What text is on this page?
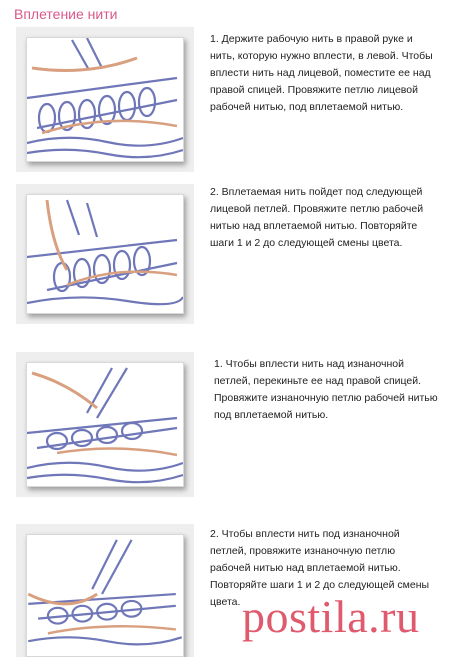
Вплетение нити
1. Держите рабочую нить в правой руке и нить, которую нужно вплести, в левой. Чтобы вплести нить над лицевой, поместите ее над правой спицей. Провяжите петлю лицевой рабочей нитью, под вплетаемой нитью.
2. Вплетаемая нить пойдет под следующей лицевой петлей. Провяжите петлю рабочей нитью над вплетаемой нитью. Повторяйте шаги 1 и 2 до следующей смены цвета.
1. Чтобы вплести нить над изнаночной петлей, перекиньте ее над правой спицей. Провяжите изнаночную петлю рабочей нитью под вплетаемой нитью.
2. Чтобы вплести нить под изнаночной петлей, провяжите изнаночную петлю рабочей нитью над вплетаемой нитью. Повторяйте шаги 1 и 2 до следующей смены цвета. postila.ru
